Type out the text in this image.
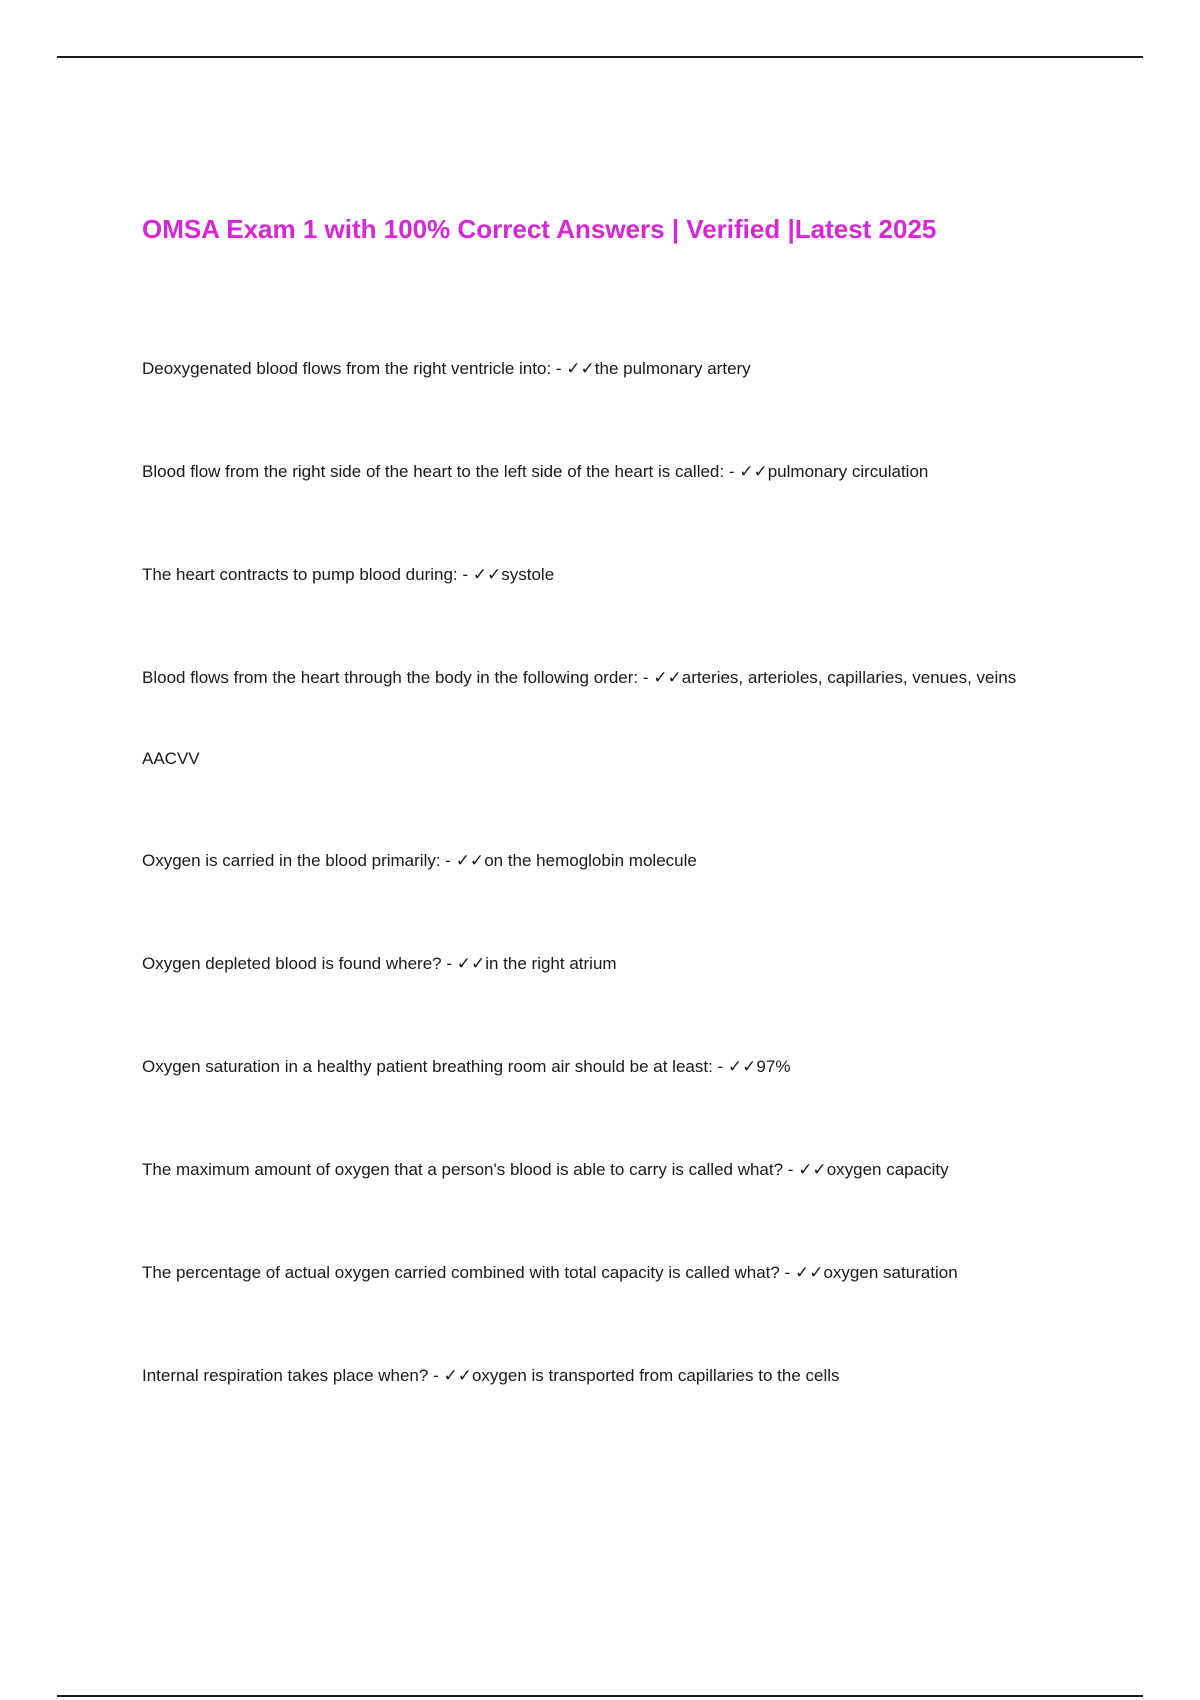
OMSA Exam 1 with 100% Correct Answers | Verified |Latest 2025

Deoxygenated blood flows from the right ventricle into: - ✓✓the pulmonary artery

Blood flow from the right side of the heart to the left side of the heart is called: - ✓✓pulmonary circulation

The heart contracts to pump blood during: - ✓✓systole

Blood flows from the heart through the body in the following order: - ✓✓arteries, arterioles, capillaries, venues, veins

AACVV

Oxygen is carried in the blood primarily: - ✓✓on the hemoglobin molecule

Oxygen depleted blood is found where? - ✓✓in the right atrium

Oxygen saturation in a healthy patient breathing room air should be at least: - ✓✓97%

The maximum amount of oxygen that a person's blood is able to carry is called what? - ✓✓oxygen capacity

The percentage of actual oxygen carried combined with total capacity is called what? - ✓✓oxygen saturation

Internal respiration takes place when? - ✓✓oxygen is transported from capillaries to the cells
